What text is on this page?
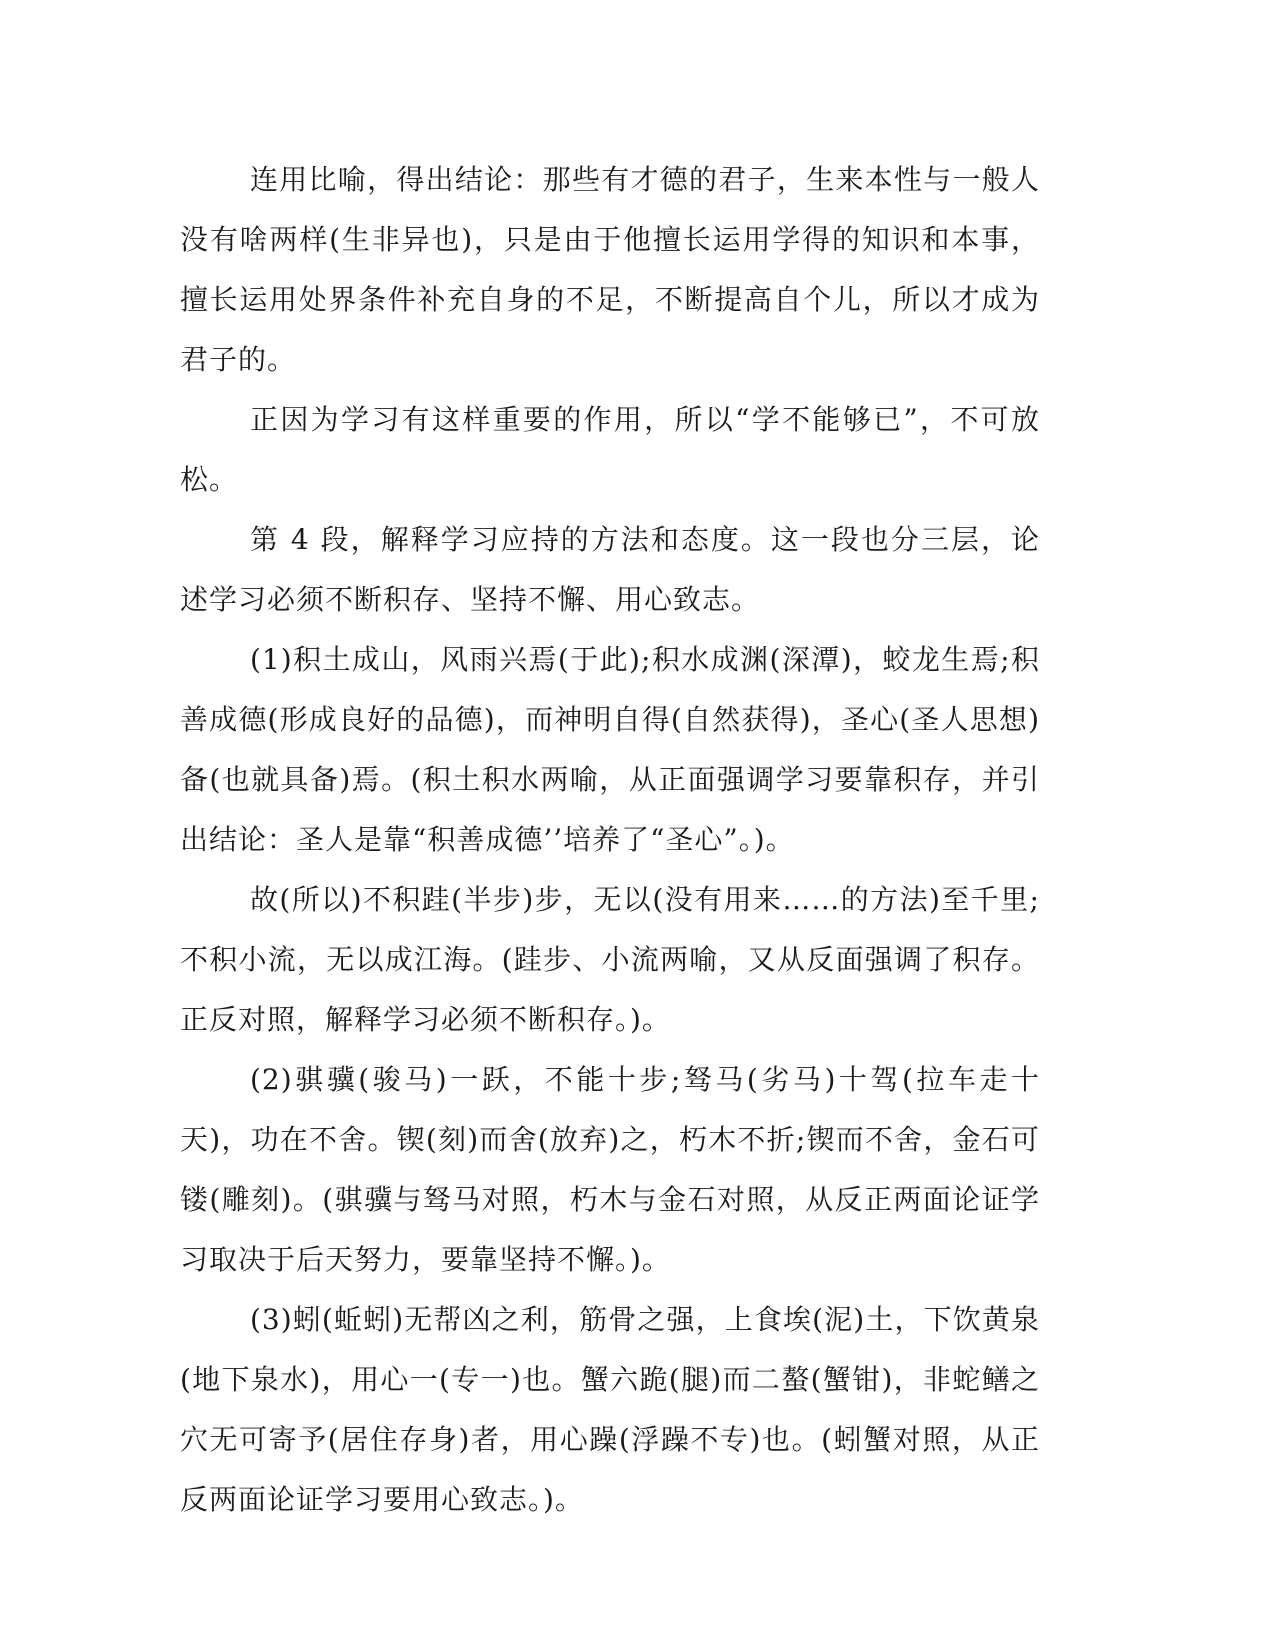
连用比喻，得出结论：那些有才德的君子，生来本性与一般人没有啥两样(生非异也)，只是由于他擅长运用学得的知识和本事，擅长运用处界条件补充自身的不足，不断提高自个儿，所以才成为君子的。

正因为学习有这样重要的作用，所以“学不能够已”，不可放松。

第 4 段，解释学习应持的方法和态度。这一段也分三层，论述学习必须不断积存、坚持不懈、用心致志。

(1)积土成山，风雨兴焉(于此);积水成渊(深潭)，蛟龙生焉;积善成德(形成良好的品德)，而神明自得(自然获得)，圣心(圣人思想)备(也就具备)焉。(积土积水两喻，从正面强调学习要靠积存，并引出结论：圣人是靠“积善成德’’培养了“圣心”。)。

故(所以)不积跬(半步)步，无以(没有用来……的方法)至千里;不积小流，无以成江海。(跬步、小流两喻，又从反面强调了积存。正反对照，解释学习必须不断积存。)。

(2)骐骥(骏马)一跃，不能十步;驽马(劣马)十驾(拉车走十天)，功在不舍。锲(刻)而舍(放弃)之，朽木不折;锲而不舍，金石可镂(雕刻)。(骐骥与驽马对照，朽木与金石对照，从反正两面论证学习取决于后天努力，要靠坚持不懈。)。

(3)蚓(蚯蚓)无帮凶之利，筋骨之强，上食埃(泥)土，下饮黄泉(地下泉水)，用心一(专一)也。蟹六跪(腿)而二螯(蟹钳)，非蛇鳝之穴无可寄予(居住存身)者，用心躁(浮躁不专)也。(蚓蟹对照，从正反两面论证学习要用心致志。)。
